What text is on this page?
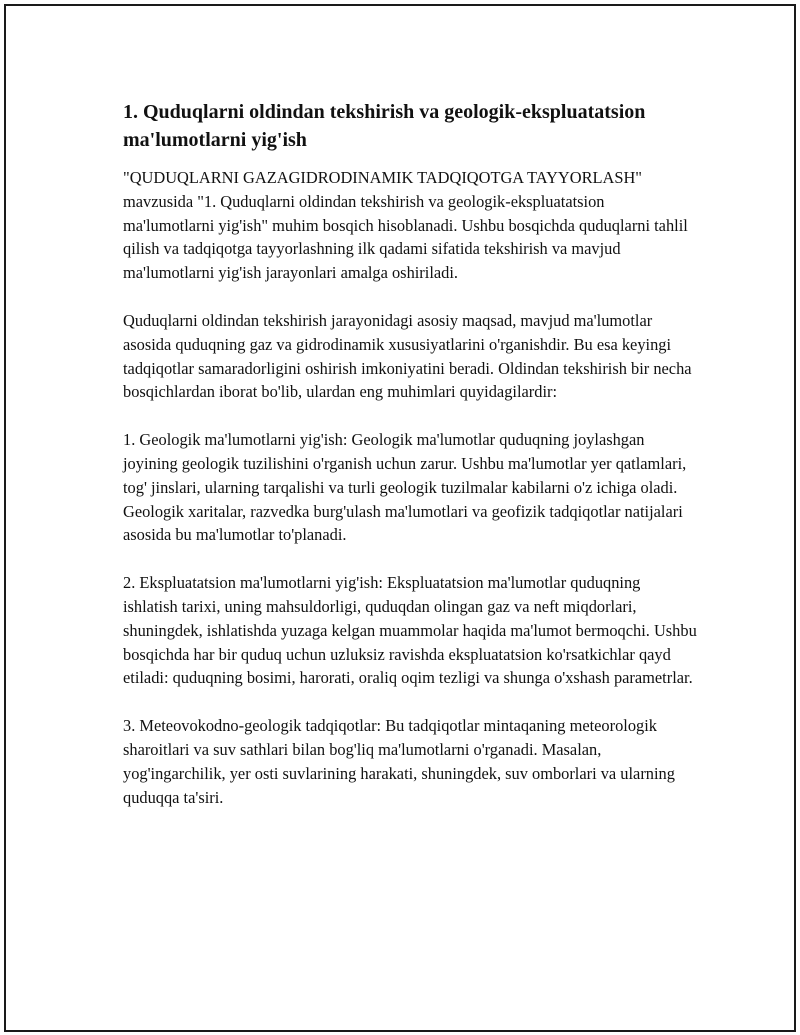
1. Quduqlarni oldindan tekshirish va geologik-ekspluatatsion ma'lumotlarni yig'ish

"QUDUQLARNI GAZAGIDRODINAMIK TADQIQOTGA TAYYORLASH" mavzusida "1. Quduqlarni oldindan tekshirish va geologik-ekspluatatsion ma'lumotlarni yig'ish" muhim bosqich hisoblanadi. Ushbu bosqichda quduqlarni tahlil qilish va tadqiqotga tayyorlashning ilk qadami sifatida tekshirish va mavjud ma'lumotlarni yig'ish jarayonlari amalga oshiriladi.

Quduqlarni oldindan tekshirish jarayonidagi asosiy maqsad, mavjud ma'lumotlar asosida quduqning gaz va gidrodinamik xususiyatlarini o'rganishdir. Bu esa keyingi tadqiqotlar samaradorligini oshirish imkoniyatini beradi. Oldindan tekshirish bir necha bosqichlardan iborat bo'lib, ulardan eng muhimlari quyidagilardir:

1. Geologik ma'lumotlarni yig'ish: Geologik ma'lumotlar quduqning joylashgan joyining geologik tuzilishini o'rganish uchun zarur. Ushbu ma'lumotlar yer qatlamlari, tog' jinslari, ularning tarqalishi va turli geologik tuzilmalar kabilarni o'z ichiga oladi. Geologik xaritalar, razvedka burg'ulash ma'lumotlari va geofizik tadqiqotlar natijalari asosida bu ma'lumotlar to'planadi.

2. Ekspluatatsion ma'lumotlarni yig'ish: Ekspluatatsion ma'lumotlar quduqning ishlatish tarixi, uning mahsuldorligi, quduqdan olingan gaz va neft miqdorlari, shuningdek, ishlatishda yuzaga kelgan muammolar haqida ma'lumot bermoqchi. Ushbu bosqichda har bir quduq uchun uzluksiz ravishda ekspluatatsion ko'rsatkichlar qayd etiladi: quduqning bosimi, harorati, oraliq oqim tezligi va shunga o'xshash parametrlar.

3. Meteovokodno-geologik tadqiqotlar: Bu tadqiqotlar mintaqaning meteorologik sharoitlari va suv sathlari bilan bog'liq ma'lumotlarni o'rganadi. Masalan, yog'ingarchilik, yer osti suvlarining harakati, shuningdek, suv omborlari va ularning quduqqa ta'siri.
